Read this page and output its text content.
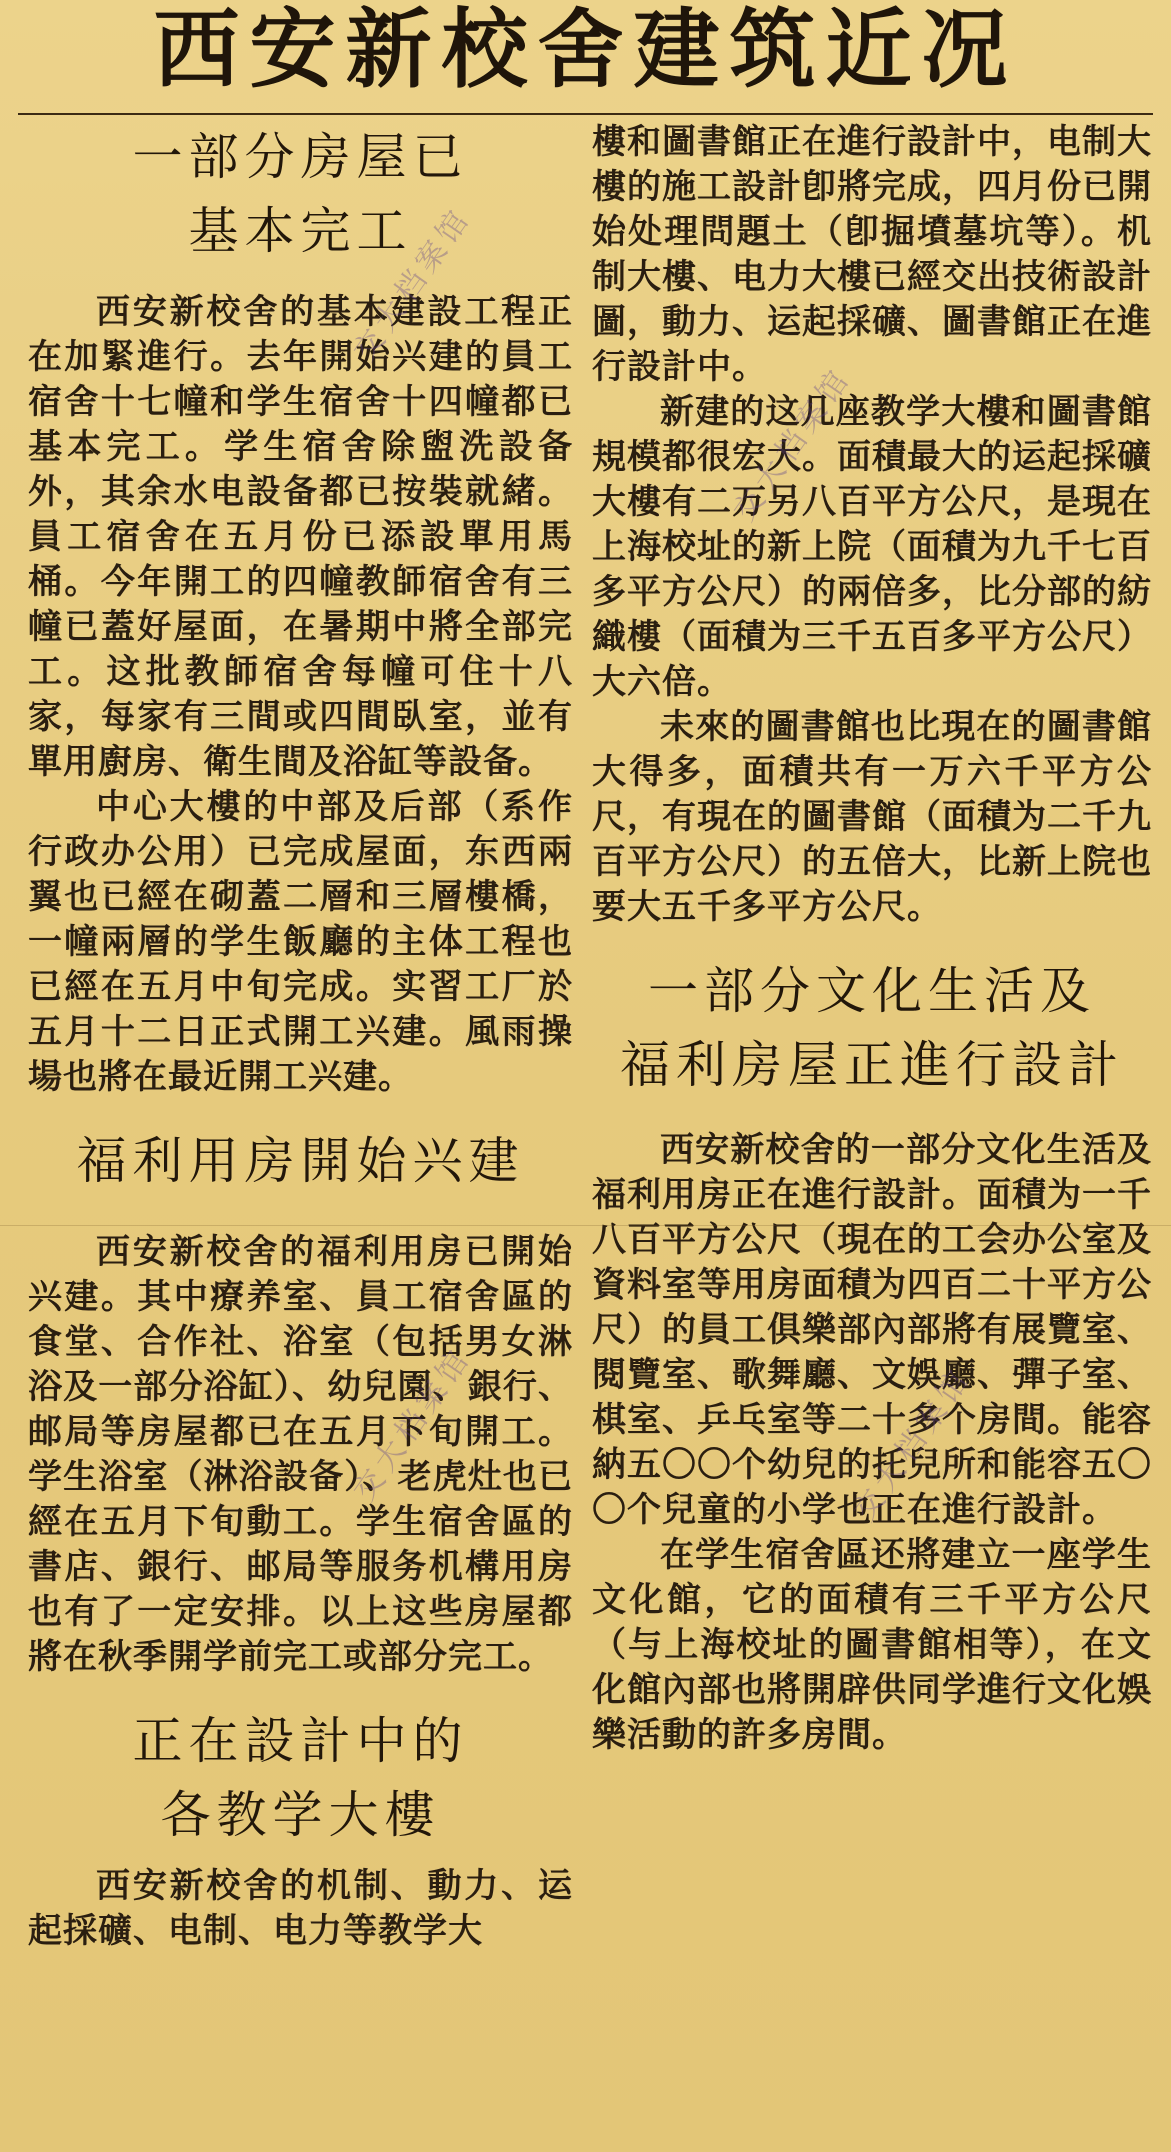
西安新校舍建筑近况
一部分房屋已
基本完工

西安新校舍的基本建設工程正在加緊進行。去年開始兴建的員工宿舍十七幢和学生宿舍十四幢都已基本完工。学生宿舍除盥洗設备外，其余水电設备都已按裝就緒。員工宿舍在五月份已添設單用馬桶。今年開工的四幢教師宿舍有三幢已蓋好屋面，在暑期中將全部完工。这批教師宿舍每幢可住十八家，每家有三間或四間臥室，並有單用廚房、衛生間及浴缸等設备。

中心大樓的中部及后部（系作行政办公用）已完成屋面，东西兩翼也已經在砌蓋二層和三層樓橋，一幢兩層的学生飯廳的主体工程也已經在五月中旬完成。实習工厂於五月十二日正式開工兴建。風雨操場也將在最近開工兴建。

福利用房開始兴建

西安新校舍的福利用房已開始兴建。其中療养室、員工宿舍區的食堂、合作社、浴室（包括男女淋浴及一部分浴缸）、幼兒園、銀行、邮局等房屋都已在五月下旬開工。学生浴室（淋浴設备）、老虎灶也已經在五月下旬動工。学生宿舍區的書店、銀行、邮局等服务机構用房也有了一定安排。以上这些房屋都將在秋季開学前完工或部分完工。

正在設計中的
各教学大樓

西安新校舍的机制、動力、运起採礦、电制、电力等教学大

樓和圖書館正在進行設計中，电制大樓的施工設計卽將完成，四月份已開始处理問題土（卽掘墳墓坑等）。机制大樓、电力大樓已經交出技術設計圖，動力、运起採礦、圖書館正在進行設計中。

新建的这几座教学大樓和圖書館規模都很宏大。面積最大的运起採礦大樓有二万另八百平方公尺，是現在上海校址的新上院（面積为九千七百多平方公尺）的兩倍多，比分部的紡織樓（面積为三千五百多平方公尺）大六倍。

未來的圖書館也比現在的圖書館大得多，面積共有一万六千平方公尺，有現在的圖書館（面積为二千九百平方公尺）的五倍大，比新上院也要大五千多平方公尺。

一部分文化生活及
福利房屋正進行設計

西安新校舍的一部分文化生活及福利用房正在進行設計。面積为一千八百平方公尺（現在的工会办公室及資料室等用房面積为四百二十平方公尺）的員工俱樂部內部將有展覽室、閱覽室、歌舞廳、文娛廳、彈子室、棋室、乒乓室等二十多个房間。能容納五〇〇个幼兒的托兒所和能容五〇〇个兒童的小学也正在進行設計。

在学生宿舍區还將建立一座学生文化館，它的面積有三千平方公尺（与上海校址的圖書館相等），在文化館內部也將開辟供同学進行文化娛樂活動的許多房間。

交大档案馆
交大档案馆
交大档案馆	交大档案馆
